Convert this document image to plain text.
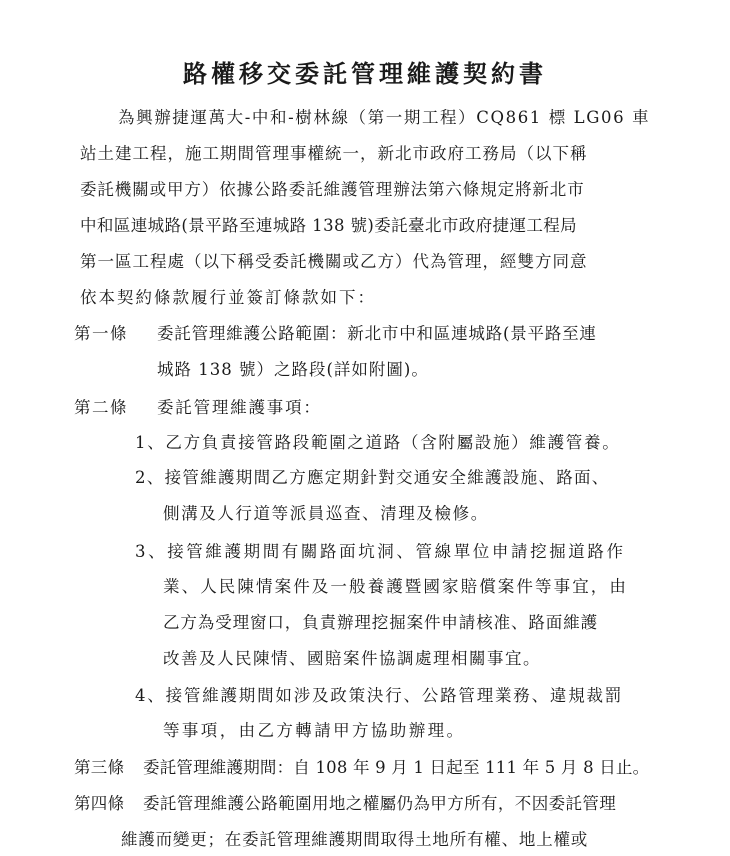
路權移交委託管理維護契約書
為興辦捷運萬大-中和-樹林線（第一期工程）CQ861 標 LG06 車
站土建工程，施工期間管理事權統一，新北市政府工務局（以下稱
委託機關或甲方）依據公路委託維護管理辦法第六條規定將新北市
中和區連城路(景平路至連城路 138 號)委託臺北市政府捷運工程局
第一區工程處（以下稱受委託機關或乙方）代為管理，經雙方同意
依本契約條款履行並簽訂條款如下：
第一條 委託管理維護公路範圍：新北市中和區連城路(景平路至連
城路 138 號）之路段(詳如附圖)。
第二條 委託管理維護事項：
1、乙方負責接管路段範圍之道路（含附屬設施）維護管養。
2、接管維護期間乙方應定期針對交通安全維護設施、路面、
側溝及人行道等派員巡查、清理及檢修。
3、接管維護期間有關路面坑洞、管線單位申請挖掘道路作
業、人民陳情案件及一般養護暨國家賠償案件等事宜，由
乙方為受理窗口，負責辦理挖掘案件申請核准、路面維護
改善及人民陳情、國賠案件協調處理相關事宜。
4、接管維護期間如涉及政策決行、公路管理業務、違規裁罰
等事項，由乙方轉請甲方協助辦理。
第三條 委託管理維護期間：自 108 年 9 月 1 日起至 111 年 5 月 8 日止。
第四條 委託管理維護公路範圍用地之權屬仍為甲方所有，不因委託管理
維護而變更；在委託管理維護期間取得土地所有權、地上權或
